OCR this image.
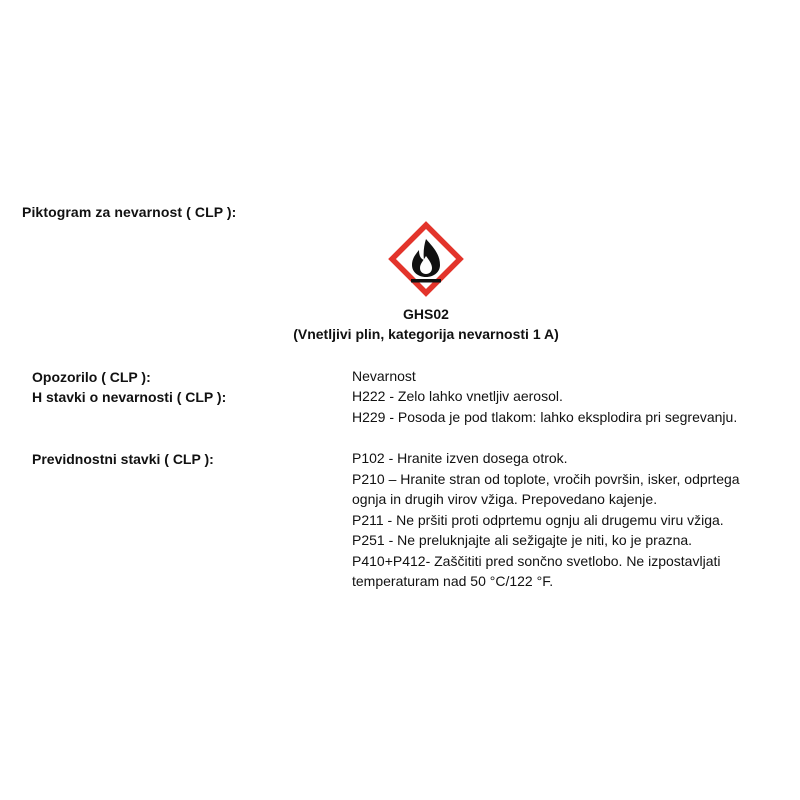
Piktogram za nevarnost ( CLP ):
GHS02
(Vnetljivi plin, kategorija nevarnosti 1 A)
Opozorilo ( CLP ):	Nevarnost
H stavki o nevarnosti ( CLP ):	H222 - Zelo lahko vnetljiv aerosol.
H229 - Posoda je pod tlakom: lahko eksplodira pri segrevanju.
Previdnostni stavki ( CLP ):	P102 - Hranite izven dosega otrok.
P210 – Hranite stran od toplote, vročih površin, isker, odprtega
ognja in drugih virov vžiga. Prepovedano kajenje.
P211 - Ne pršiti proti odprtemu ognju ali drugemu viru vžiga.
P251 - Ne preluknjajte ali sežigajte je niti, ko je prazna.
P410+P412- Zaščititi pred sončno svetlobo. Ne izpostavljati
temperaturam nad 50 °C/122 °F.
